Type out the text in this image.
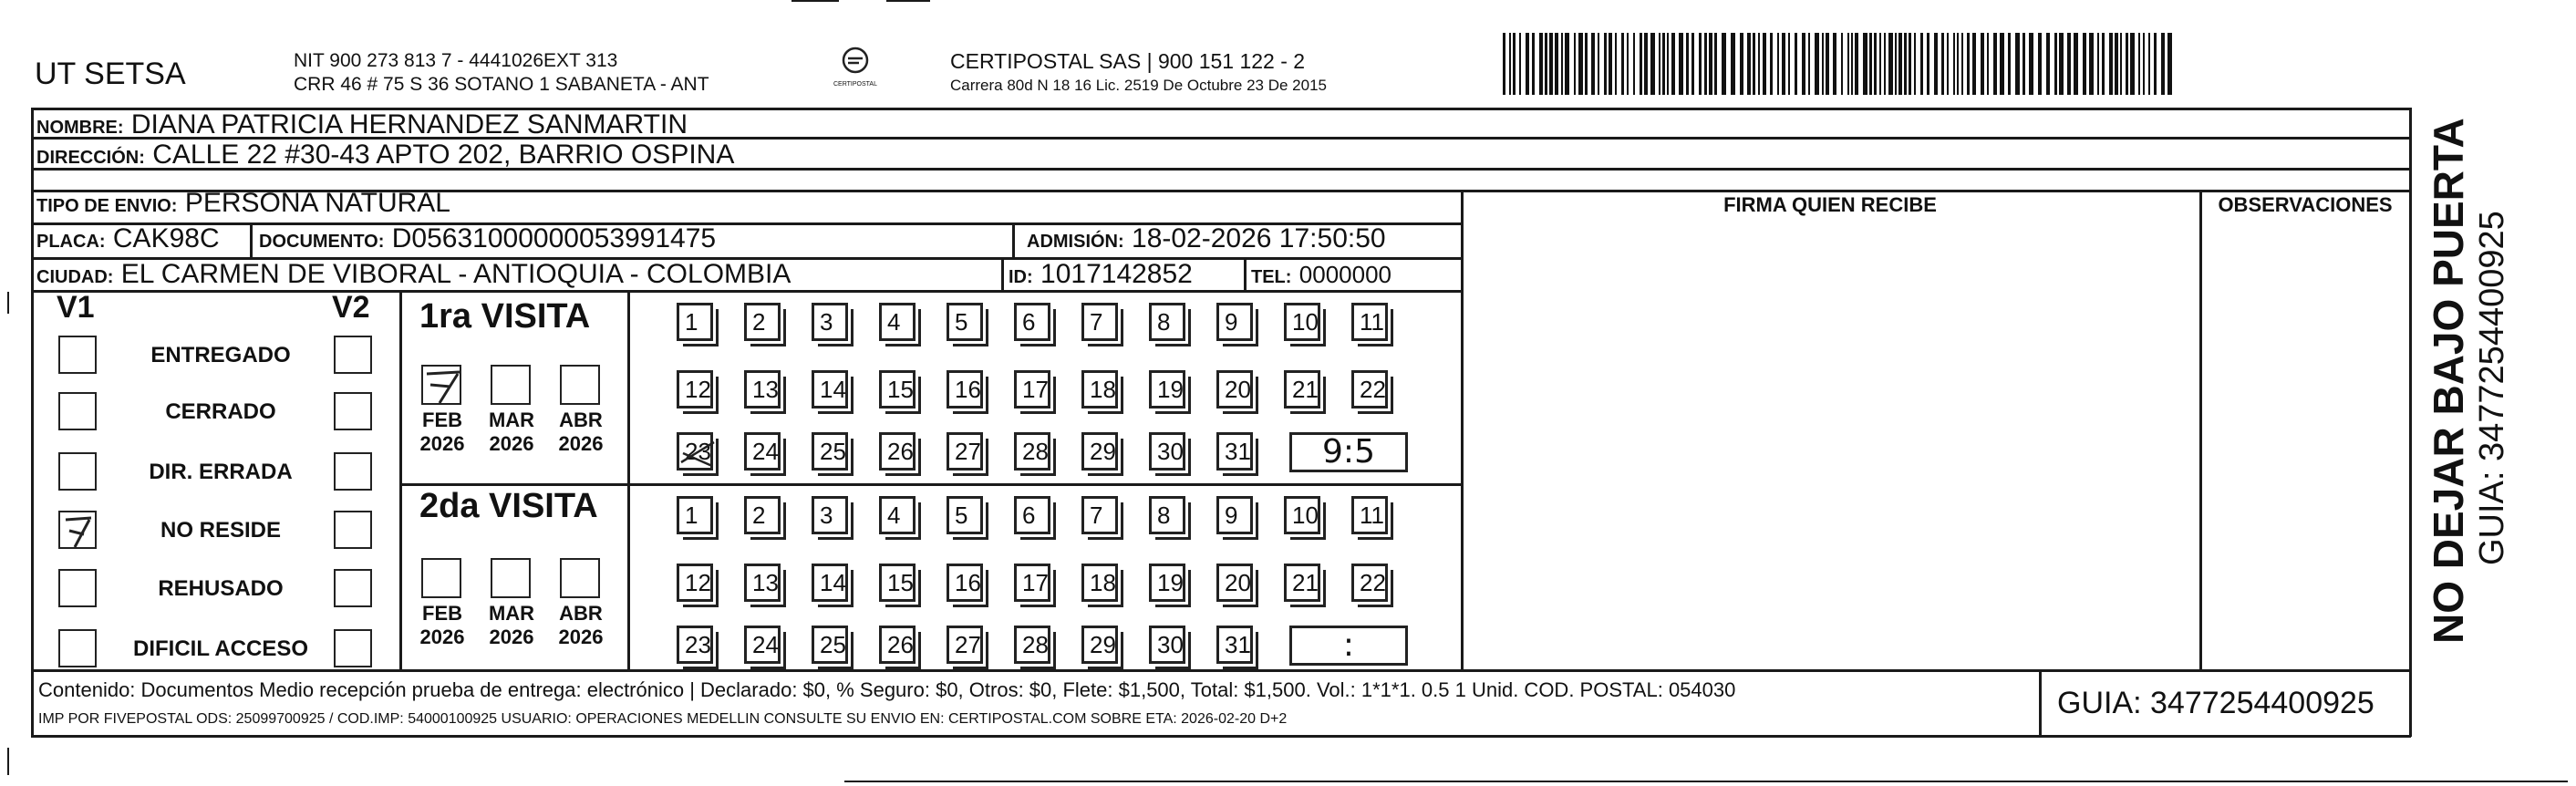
UT SETSA	NIT 900 273 813 7 - 4441026EXT 313
CRR 46 # 75 S 36 SOTANO 1 SABANETA - ANT	CERTIPOSTAL
CERTIPOSTAL SAS | 900 151 122 - 2
Carrera 80d N 18 16 Lic. 2519 De Octubre 23 De 2015
NOMBRE: DIANA PATRICIA HERNANDEZ SANMARTIN
DIRECCIÓN: CALLE 22 #30-43 APTO 202, BARRIO OSPINA
TIPO DE ENVIO: PERSONA NATURAL
PLACA: CAK98C DOCUMENTO: D05631000000053991475	ADMISIÓN: 18-02-2026 17:50:50
CIUDAD: EL CARMEN DE VIBORAL - ANTIOQUIA - COLOMBIA	ID: 1017142852	TEL: 0000000
FIRMA QUIEN RECIBE	OBSERVACIONES
V1	V2
ENTREGADO
CERRADO
DIR. ERRADA
NO RESIDE
REHUSADO
DIFICIL ACCESO
1ra VISITA
FEB
2026
MAR
2026
ABR
2026
1	2	3	4	5	6	7	8	9	10	11
12	13	14	15	16	17	18	19	20	21	22
23	24	25	26	27	28	29	30	31	9:5
2da VISITA
FEB
2026
MAR
2026
ABR
2026
1	2	3	4	5	6	7	8	9	10	11
12	13	14	15	16	17	18	19	20	21	22
23	24	25	26	27	28	29	30	31	:
Contenido: Documentos Medio recepción prueba de entrega: electrónico | Declarado: $0, % Seguro: $0, Otros: $0, Flete: $1,500, Total: $1,500. Vol.: 1*1*1. 0.5 1 Unid. COD. POSTAL: 054030
IMP POR FIVEPOSTAL ODS: 25099700925 / COD.IMP: 54000100925 USUARIO: OPERACIONES MEDELLIN CONSULTE SU ENVIO EN: CERTIPOSTAL.COM SOBRE ETA: 2026-02-20 D+2	GUIA: 3477254400925
NO DEJAR BAJO PUERTA GUIA: 3477254400925
